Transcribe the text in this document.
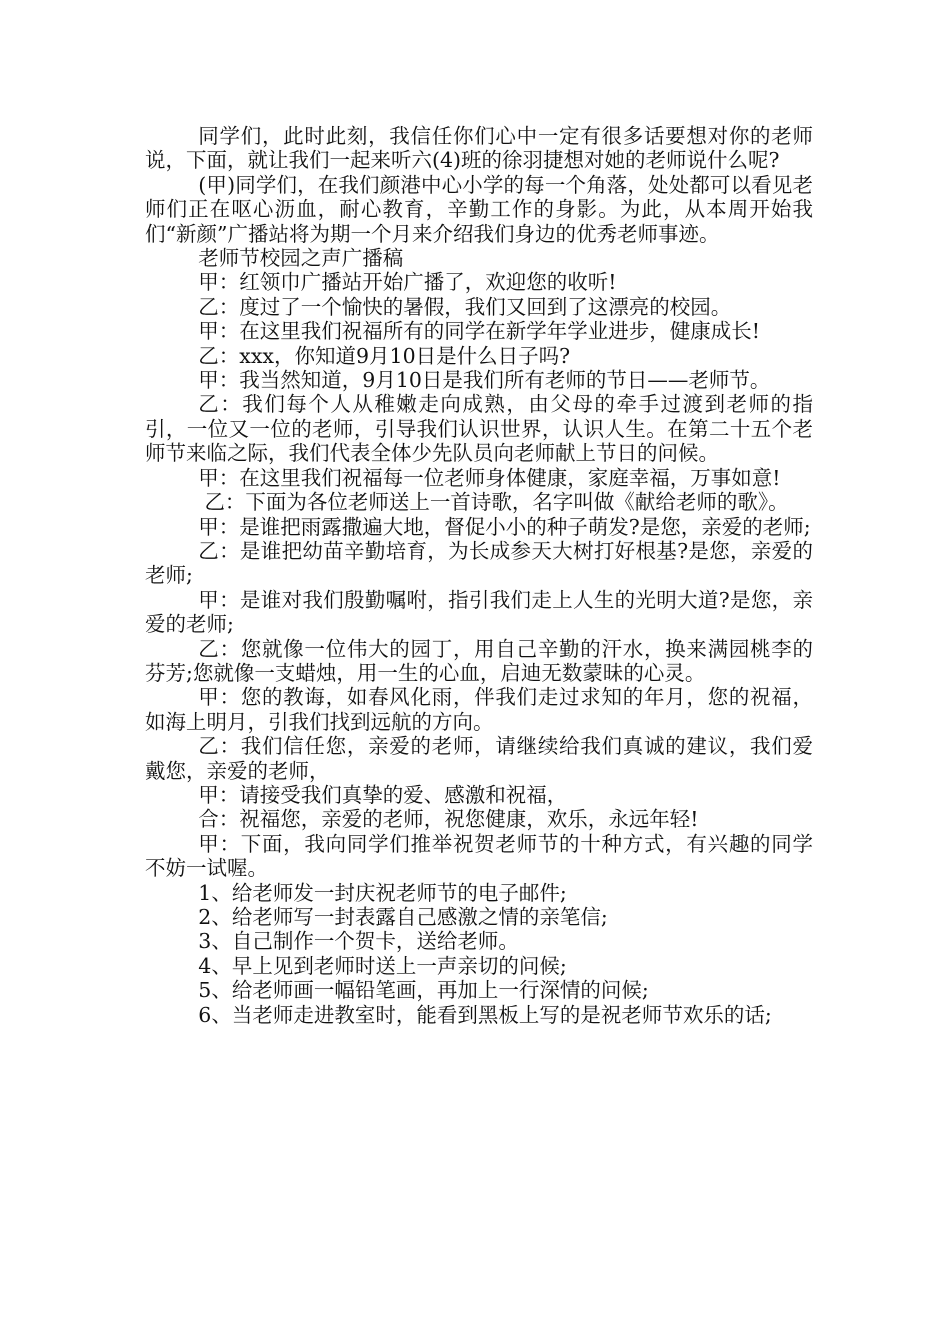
同学们，此时此刻，我信任你们心中一定有很多话要想对你的老师说，下面，就让我们一起来听六(4)班的徐羽捷想对她的老师说什么呢?

(甲)同学们，在我们颜港中心小学的每一个角落，处处都可以看见老师们正在呕心沥血，耐心教育，辛勤工作的身影。为此，从本周开始我们“新颜”广播站将为期一个月来介绍我们身边的优秀老师事迹。

老师节校园之声广播稿

甲：红领巾广播站开始广播了，欢迎您的收听!

乙：度过了一个愉快的暑假，我们又回到了这漂亮的校园。

甲：在这里我们祝福所有的同学在新学年学业进步，健康成长!

乙：xxx，你知道9月10日是什么日子吗?

甲：我当然知道，9月10日是我们所有老师的节日——老师节。

乙：我们每个人从稚嫩走向成熟，由父母的牵手过渡到老师的指引，一位又一位的老师，引导我们认识世界，认识人生。在第二十五个老师节来临之际，我们代表全体少先队员向老师献上节日的问候。

甲：在这里我们祝福每一位老师身体健康，家庭幸福，万事如意!

乙：下面为各位老师送上一首诗歌，名字叫做《献给老师的歌》。

甲：是谁把雨露撒遍大地，督促小小的种子萌发?是您，亲爱的老师;

乙：是谁把幼苗辛勤培育，为长成参天大树打好根基?是您，亲爱的老师;

甲：是谁对我们殷勤嘱咐，指引我们走上人生的光明大道?是您，亲爱的老师;

乙：您就像一位伟大的园丁，用自己辛勤的汗水，换来满园桃李的芬芳;您就像一支蜡烛，用一生的心血，启迪无数蒙昧的心灵。

甲：您的教诲，如春风化雨，伴我们走过求知的年月，您的祝福，如海上明月，引我们找到远航的方向。

乙：我们信任您，亲爱的老师，请继续给我们真诚的建议，我们爱戴您，亲爱的老师，

甲：请接受我们真挚的爱、感激和祝福，

合：祝福您，亲爱的老师，祝您健康，欢乐，永远年轻!

甲：下面，我向同学们推举祝贺老师节的十种方式，有兴趣的同学不妨一试喔。

1、给老师发一封庆祝老师节的电子邮件;

2、给老师写一封表露自己感激之情的亲笔信;

3、自己制作一个贺卡，送给老师。

4、早上见到老师时送上一声亲切的问候;

5、给老师画一幅铅笔画，再加上一行深情的问候;

6、当老师走进教室时，能看到黑板上写的是祝老师节欢乐的话;
